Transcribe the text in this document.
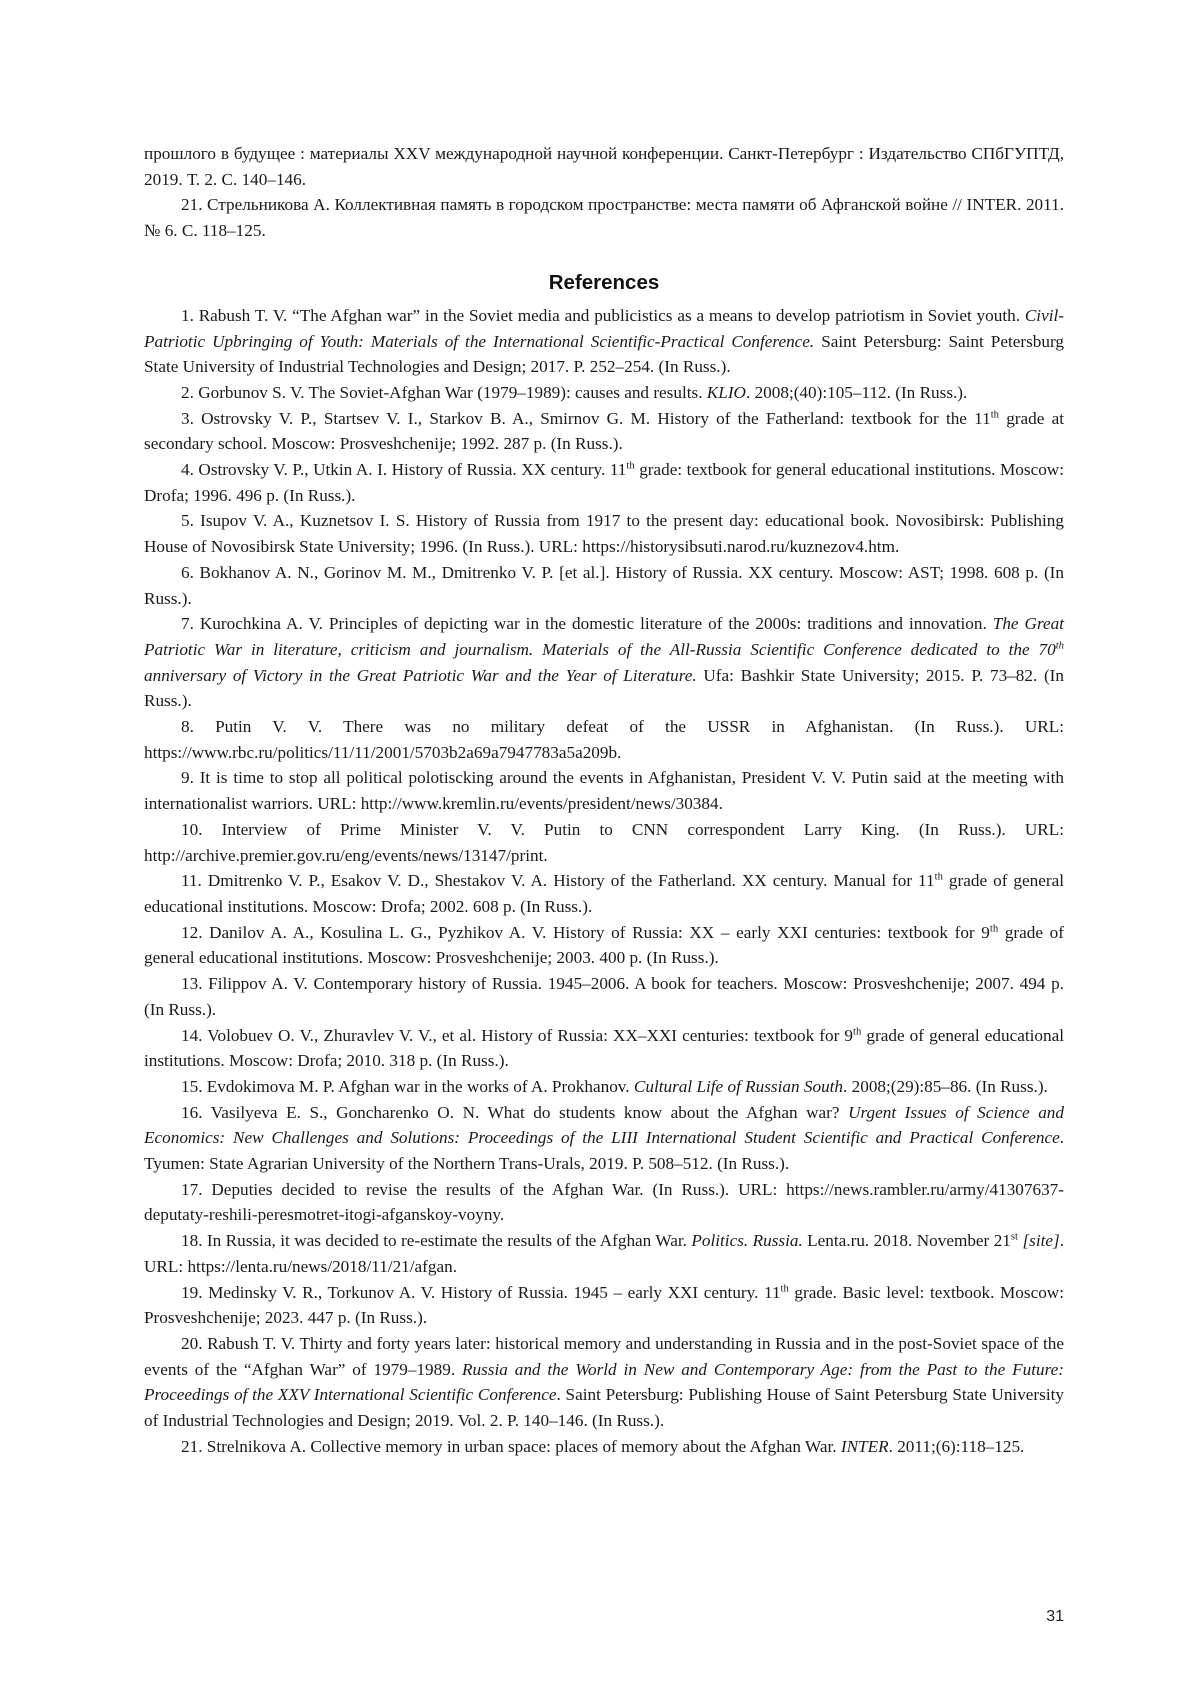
прошлого в будущее : материалы XXV международной научной конференции. Санкт-Петербург : Издательство СПбГУПТД, 2019. Т. 2. С. 140–146.

21. Стрельникова А. Коллективная память в городском пространстве: места памяти об Афганской войне // INTER. 2011. № 6. С. 118–125.

References

1. Rabush T. V. “The Afghan war” in the Soviet media and publicistics as a means to develop patriotism in Soviet youth. Civil-Patriotic Upbringing of Youth: Materials of the International Scientific-Practical Conference. Saint Petersburg: Saint Petersburg State University of Industrial Technologies and Design; 2017. P. 252–254. (In Russ.).

2. Gorbunov S. V. The Soviet-Afghan War (1979–1989): causes and results. KLIO. 2008;(40):105–112. (In Russ.).

3. Ostrovsky V. P., Startsev V. I., Starkov B. A., Smirnov G. M. History of the Fatherland: textbook for the 11th grade at secondary school. Moscow: Prosveshchenije; 1992. 287 p. (In Russ.).

4. Ostrovsky V. P., Utkin A. I. History of Russia. XX century. 11th grade: textbook for general educational institutions. Moscow: Drofa; 1996. 496 p. (In Russ.).

5. Isupov V. A., Kuznetsov I. S. History of Russia from 1917 to the present day: educational book. Novosibirsk: Publishing House of Novosibirsk State University; 1996. (In Russ.). URL: https://historysibsuti.narod.ru/kuznezov4.htm.

6. Bokhanov A. N., Gorinov M. M., Dmitrenko V. P. [et al.]. History of Russia. XX century. Moscow: AST; 1998. 608 p. (In Russ.).

7. Kurochkina A. V. Principles of depicting war in the domestic literature of the 2000s: traditions and innovation. The Great Patriotic War in literature, criticism and journalism. Materials of the All-Russia Scientific Conference dedicated to the 70th anniversary of Victory in the Great Patriotic War and the Year of Literature. Ufa: Bashkir State University; 2015. P. 73–82. (In Russ.).

8. Putin V. V. There was no military defeat of the USSR in Afghanistan. (In Russ.). URL: https://www.rbc.ru/politics/11/11/2001/5703b2a69a7947783a5a209b.

9. It is time to stop all political polotiscking around the events in Afghanistan, President V. V. Putin said at the meeting with internationalist warriors. URL: http://www.kremlin.ru/events/president/news/30384.

10. Interview of Prime Minister V. V. Putin to CNN correspondent Larry King. (In Russ.). URL: http://archive.premier.gov.ru/eng/events/news/13147/print.

11. Dmitrenko V. P., Esakov V. D., Shestakov V. A. History of the Fatherland. XX century. Manual for 11th grade of general educational institutions. Moscow: Drofa; 2002. 608 p. (In Russ.).

12. Danilov A. A., Kosulina L. G., Pyzhikov A. V. History of Russia: XX – early XXI centuries: textbook for 9th grade of general educational institutions. Moscow: Prosveshchenije; 2003. 400 p. (In Russ.).

13. Filippov A. V. Contemporary history of Russia. 1945–2006. A book for teachers. Moscow: Prosveshchenije; 2007. 494 p. (In Russ.).

14. Volobuev O. V., Zhuravlev V. V., et al. History of Russia: XX–XXI centuries: textbook for 9th grade of general educational institutions. Moscow: Drofa; 2010. 318 p. (In Russ.).

15. Evdokimova M. P. Afghan war in the works of A. Prokhanov. Cultural Life of Russian South. 2008;(29):85–86. (In Russ.).

16. Vasilyeva E. S., Goncharenko O. N. What do students know about the Afghan war? Urgent Issues of Science and Economics: New Challenges and Solutions: Proceedings of the LIII International Student Scientific and Practical Conference. Tyumen: State Agrarian University of the Northern Trans-Urals, 2019. P. 508–512. (In Russ.).

17. Deputies decided to revise the results of the Afghan War. (In Russ.). URL: https://news.rambler.ru/army/41307637-deputaty-reshili-peresmotret-itogi-afganskoy-voyny.

18. In Russia, it was decided to re-estimate the results of the Afghan War. Politics. Russia. Lenta.ru. 2018. November 21st [site]. URL: https://lenta.ru/news/2018/11/21/afgan.

19. Medinsky V. R., Torkunov A. V. History of Russia. 1945 – early XXI century. 11th grade. Basic level: textbook. Moscow: Prosveshchenije; 2023. 447 p. (In Russ.).

20. Rabush T. V. Thirty and forty years later: historical memory and understanding in Russia and in the post-Soviet space of the events of the “Afghan War” of 1979–1989. Russia and the World in New and Contemporary Age: from the Past to the Future: Proceedings of the XXV International Scientific Conference. Saint Petersburg: Publishing House of Saint Petersburg State University of Industrial Technologies and Design; 2019. Vol. 2. P. 140–146. (In Russ.).

21. Strelnikova A. Collective memory in urban space: places of memory about the Afghan War. INTER. 2011;(6):118–125.

31
